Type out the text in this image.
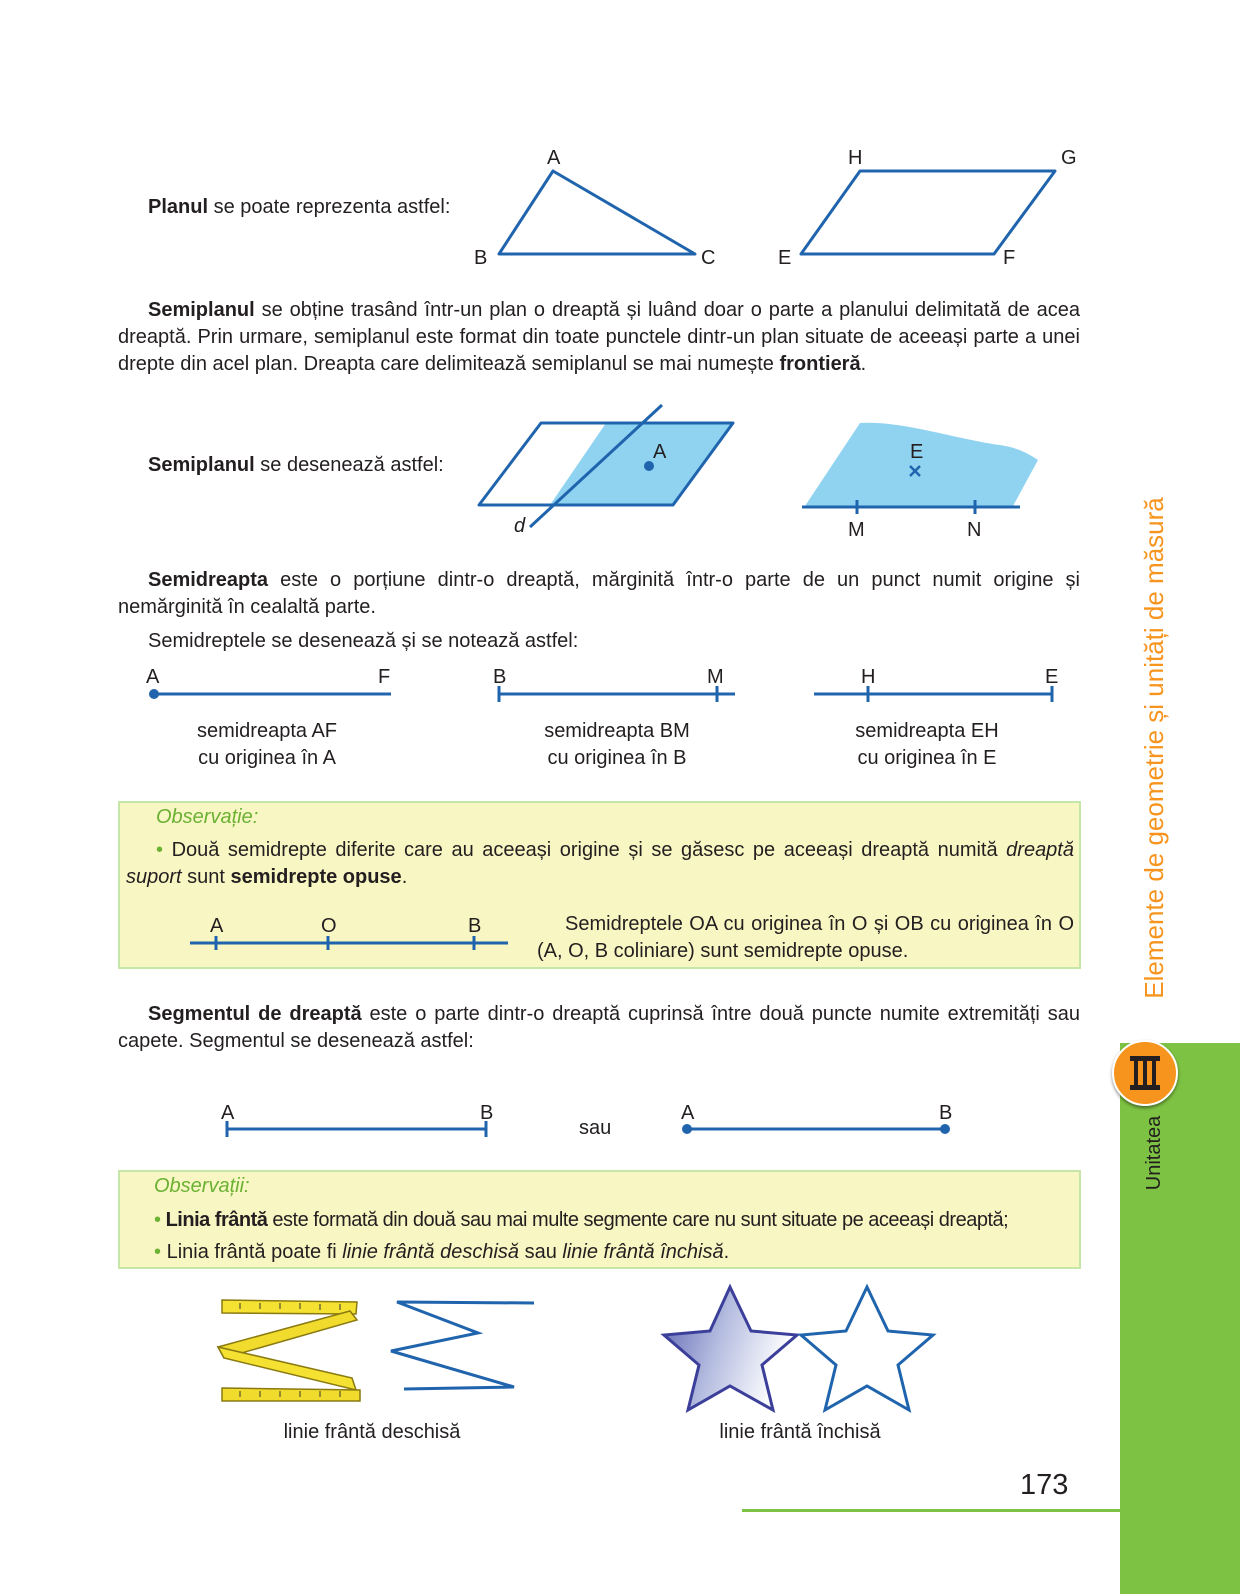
Planul se poate reprezenta astfel:
A
B	C
H	G
E	F
Semiplanul se obține trasând într-un plan o dreaptă și luând doar o parte a planului delimitată de acea dreaptă. Prin urmare, semiplanul este format din toate punctele dintr-un plan situate de aceeași parte a unei drepte din acel plan. Dreapta care delimitează semiplanul se mai numește frontieră.
Semiplanul se desenează astfel:
A
d
E
M	N
Semidreapta este o porțiune dintr-o dreaptă, mărginită într-o parte de un punct numit origine și nemărginită în cealaltă parte.
Semidreptele se desenează și se notează astfel:
A	F	B	M	H	E
semidreapta AF
cu originea în A
semidreapta BM
cu originea în B
semidreapta EH
cu originea în E
Observație:
• Două semidrepte diferite care au aceeași origine și se găsesc pe aceeași dreaptă numită dreaptă suport sunt semidrepte opuse.
A	O	B	Semidreptele OA cu originea în O și OB cu originea în O (A, O, B coliniare) sunt semidrepte opuse.
Segmentul de dreaptă este o parte dintr-o dreaptă cuprinsă între două puncte numite extremități sau capete. Segmentul se desenează astfel:
A	B
sau
A	B
Observații:
• Linia frântă este formată din două sau mai multe segmente care nu sunt situate pe aceeași dreaptă;
• Linia frântă poate fi linie frântă deschisă sau linie frântă închisă.
linie frântă deschisă	linie frântă închisă
173
Elemente de geometrie și unități de măsură
Unitatea
